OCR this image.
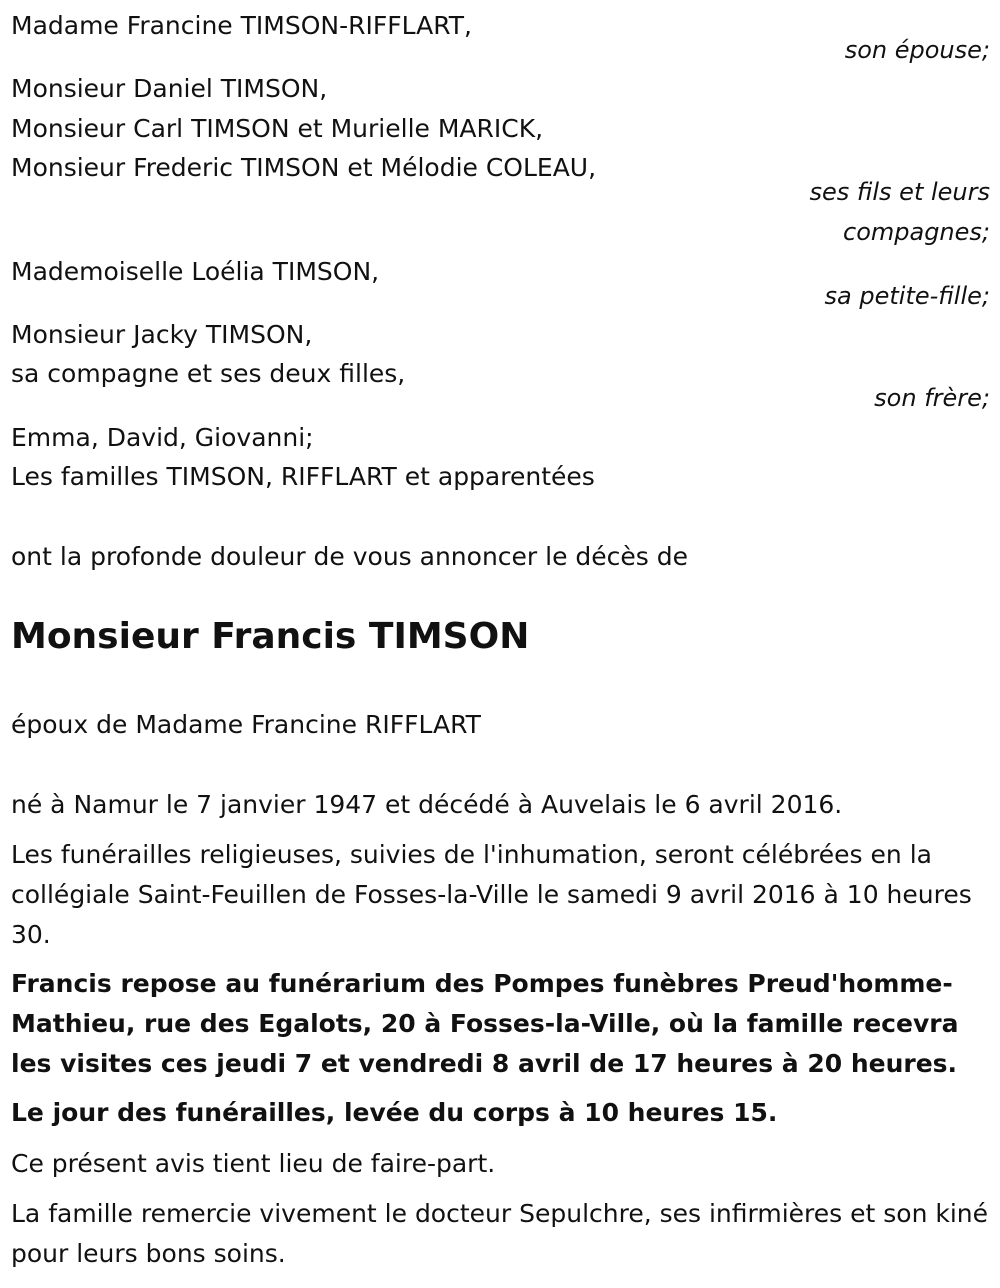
Madame Francine TIMSON-RIFFLART,
son épouse;
Monsieur Daniel TIMSON,
Monsieur Carl TIMSON et Murielle MARICK,
Monsieur Frederic TIMSON et Mélodie COLEAU,
ses fils et leurs
compagnes;
Mademoiselle Loélia TIMSON,
sa petite-fille;
Monsieur Jacky TIMSON,
sa compagne et ses deux filles,
son frère;
Emma, David, Giovanni;
Les familles TIMSON, RIFFLART et apparentées
ont la profonde douleur de vous annoncer le décès de
Monsieur Francis TIMSON
époux de Madame Francine RIFFLART
né à Namur le 7 janvier 1947 et décédé à Auvelais le 6 avril 2016.
Les funérailles religieuses, suivies de l'inhumation, seront célébrées en la collégiale Saint-Feuillen de Fosses-la-Ville le samedi 9 avril 2016 à 10 heures 30.
Francis repose au funérarium des Pompes funèbres Preud'homme-Mathieu, rue des Egalots, 20 à Fosses-la-Ville, où la famille recevra les visites ces jeudi 7 et vendredi 8 avril de 17 heures à 20 heures.
Le jour des funérailles, levée du corps à 10 heures 15.
Ce présent avis tient lieu de faire-part.
La famille remercie vivement le docteur Sepulchre, ses infirmières et son kiné pour leurs bons soins.
